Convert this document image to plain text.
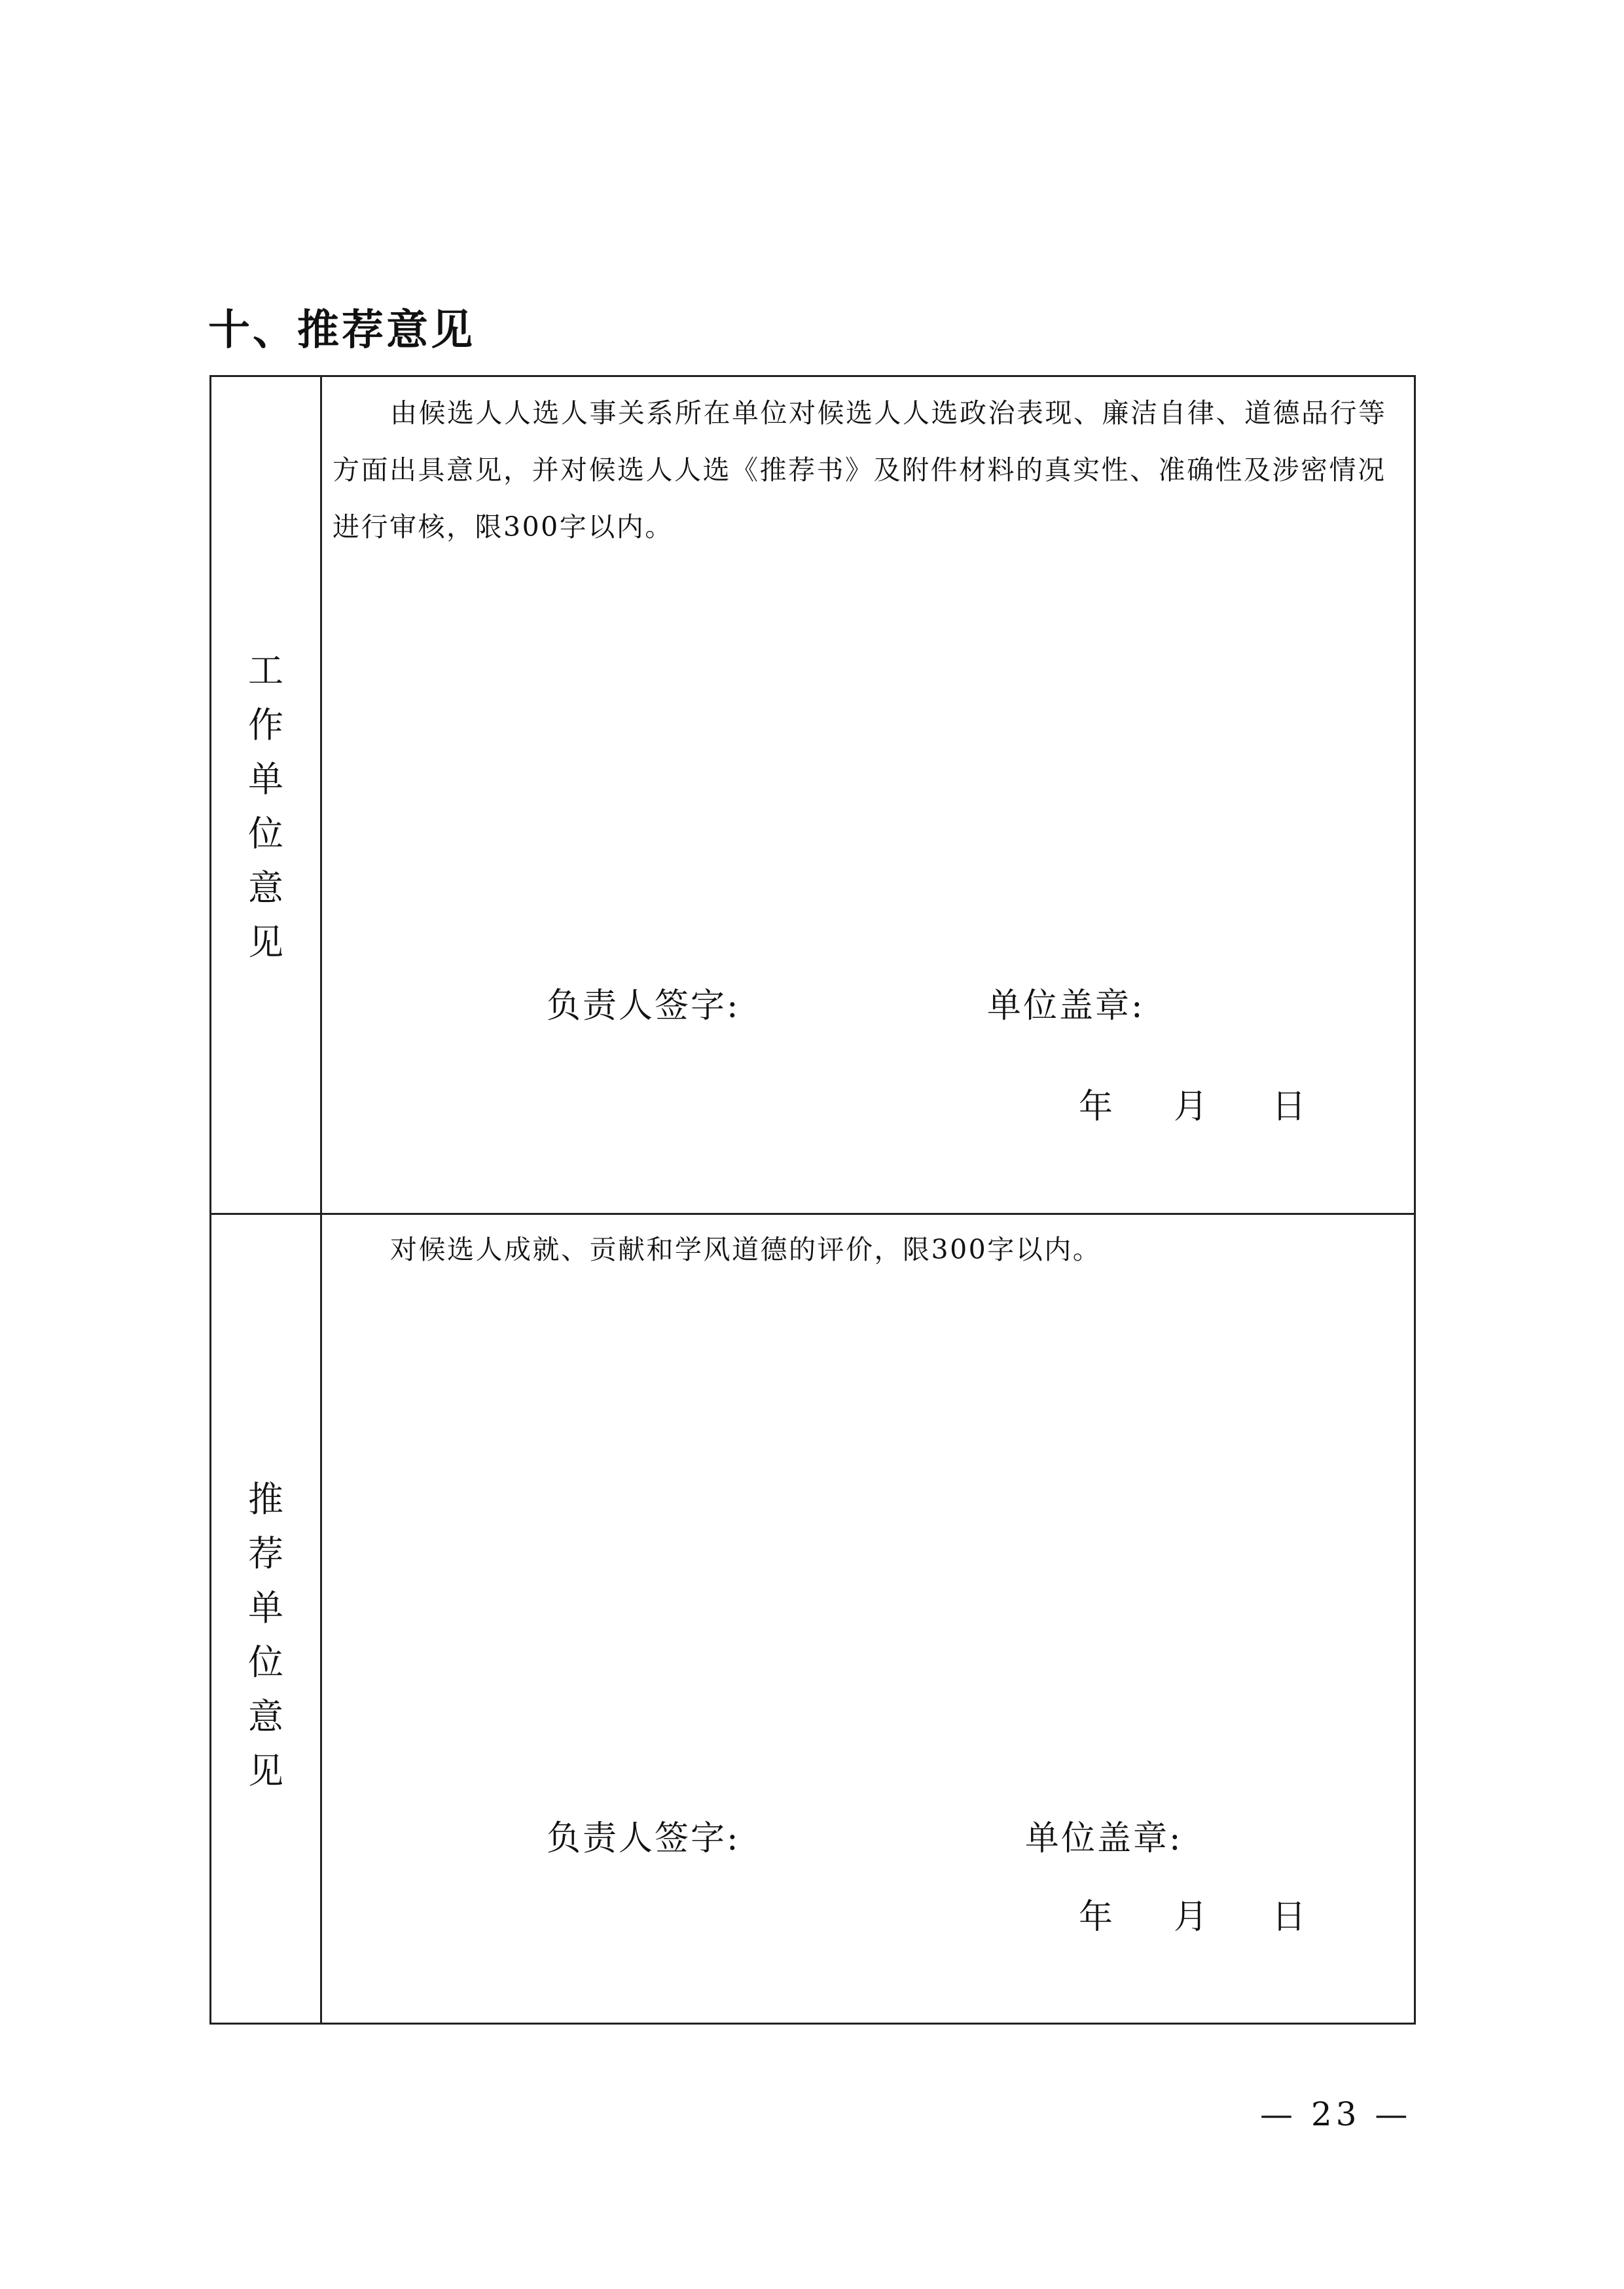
十、推荐意见
工
作
单
位
意
见

由候选人人选人事关系所在单位对候选人人选政治表现、廉洁自律、道德品行等方面出具意见，并对候选人人选《推荐书》及附件材料的真实性、准确性及涉密情况进行审核，限300字以内。

负责人签字:	单位盖章:
年 月 日
推
荐
单
位
意
见

对候选人成就、贡献和学风道德的评价，限300字以内。

负责人签字:	单位盖章:
年 月 日
— 23 —
